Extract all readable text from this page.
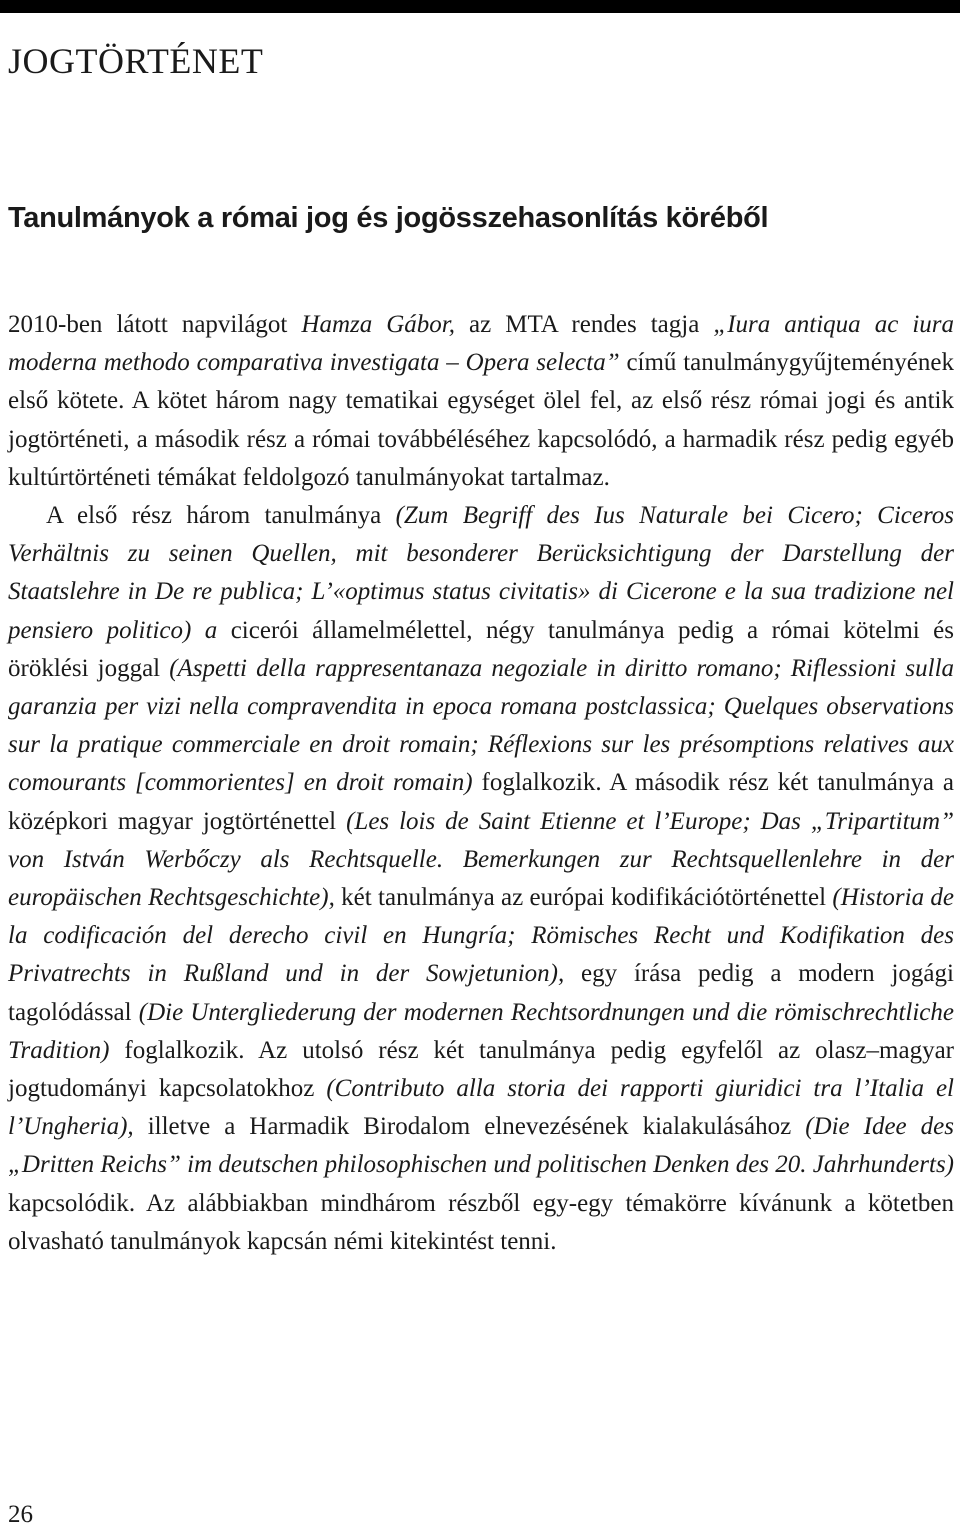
JOGTÖRTÉNET
Tanulmányok a római jog és jogösszehasonlítás köréből

2010-ben látott napvilágot Hamza Gábor, az MTA rendes tagja „Iura antiqua ac iura moderna methodo comparativa investigata – Opera selecta” című tanulmánygyűjteményének első kötete. A kötet három nagy tematikai egységet ölel fel, az első rész római jogi és antik jogtörténeti, a második rész a római továbbéléséhez kapcsolódó, a harmadik rész pedig egyéb kultúrtörténeti témákat feldolgozó tanulmányokat tartalmaz.

A első rész három tanulmánya (Zum Begriff des Ius Naturale bei Cicero; Ciceros Verhältnis zu seinen Quellen, mit besonderer Berücksichtigung der Darstellung der Staatslehre in De re publica; L’«optimus status civitatis» di Cicerone e la sua tradizione nel pensiero politico) a cicerói államelmélettel, négy tanulmánya pedig a római kötelmi és öröklési joggal (Aspetti della rappresentanaza negoziale in diritto romano; Riflessioni sulla garanzia per vizi nella compravendita in epoca romana postclassica; Quelques observations sur la pratique commerciale en droit romain; Réflexions sur les présomptions relatives aux comourants [commorientes] en droit romain) foglalkozik. A második rész két tanulmánya a középkori magyar jogtörténettel (Les lois de Saint Etienne et l’Europe; Das „Tripartitum” von István Werbőczy als Rechtsquelle. Bemerkungen zur Rechtsquellenlehre in der europäischen Rechtsgeschichte), két tanulmánya az európai kodifikációtörténettel (Historia de la codificación del derecho civil en Hungría; Römisches Recht und Kodifikation des Privatrechts in Rußland und in der Sowjetunion), egy írása pedig a modern jogági tagolódással (Die Untergliederung der modernen Rechtsordnungen und die römischrechtliche Tradition) foglalkozik. Az utolsó rész két tanulmánya pedig egyfelől az olasz–magyar jogtudományi kapcsolatokhoz (Contributo alla storia dei rapporti giuridici tra l’Italia el l’Ungheria), illetve a Harmadik Birodalom elnevezésének kialakulásához (Die Idee des „Dritten Reichs” im deutschen philosophischen und politischen Denken des 20. Jahrhunderts) kapcsolódik. Az alábbiakban mindhárom részből egy-egy témakörre kívánunk a kötetben olvasható tanulmányok kapcsán némi kitekintést tenni.

26
